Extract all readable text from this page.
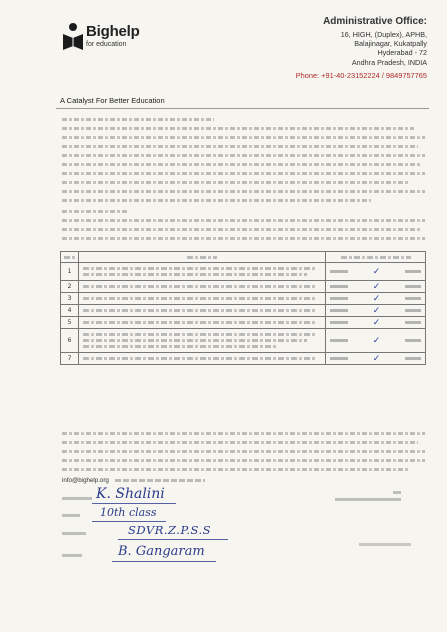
Bighelp
for education
A Catalyst For Better Education
Administrative Office:
16, HIGH, (Duplex), APHB,
Balajinagar, Kukatpally
Hyderabad - 72
Andhra Pradesh, INDIA
Phone: +91-40-23152224 / 9849757765

1		✓

2		✓

3		✓

4		✓

5		✓

6		✓

7		✓
info@bighelp.org
K. Shalini
10th class
SDVR.Z.P.S.S
B. Gangaram
